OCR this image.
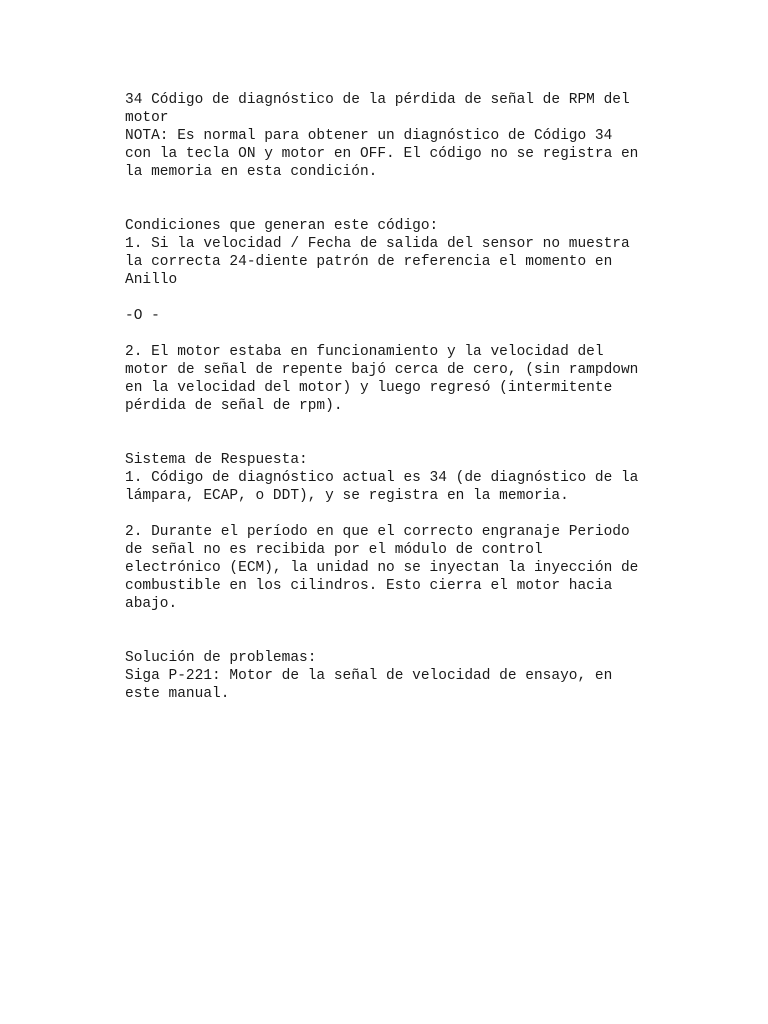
34 Código de diagnóstico de la pérdida de señal de RPM del
motor
NOTA: Es normal para obtener un diagnóstico de Código 34
con la tecla ON y motor en OFF. El código no se registra en
la memoria en esta condición.
Condiciones que generan este código:
1. Si la velocidad / Fecha de salida del sensor no muestra
la correcta 24-diente patrón de referencia el momento en
Anillo
-O -
2. El motor estaba en funcionamiento y la velocidad del
motor de señal de repente bajó cerca de cero, (sin rampdown
en la velocidad del motor) y luego regresó (intermitente
pérdida de señal de rpm).
Sistema de Respuesta:
1. Código de diagnóstico actual es 34 (de diagnóstico de la
lámpara, ECAP, o DDT), y se registra en la memoria.
2. Durante el período en que el correcto engranaje Periodo
de señal no es recibida por el módulo de control
electrónico (ECM), la unidad no se inyectan la inyección de
combustible en los cilindros. Esto cierra el motor hacia
abajo.
Solución de problemas:
Siga P-221: Motor de la señal de velocidad de ensayo, en
este manual.
